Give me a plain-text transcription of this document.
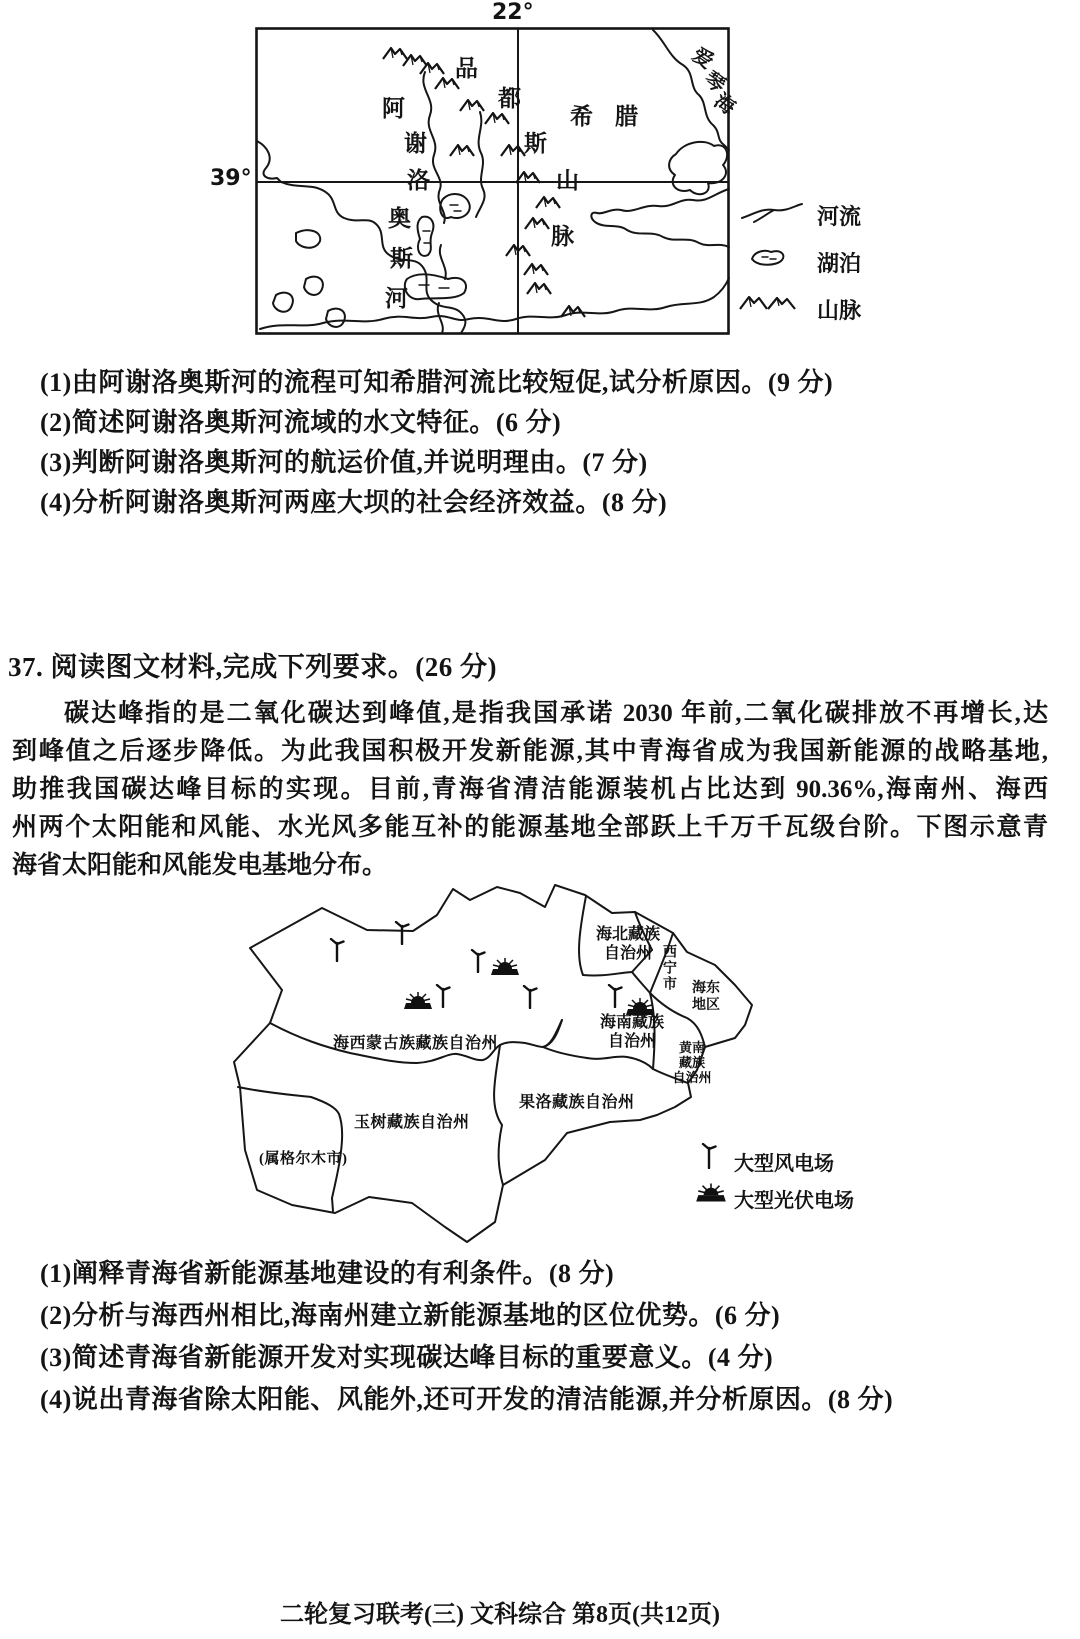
22°
39°
阿
谢
洛
奥
斯
河
品
都
斯
山
脉
希腊
爱
琴
海
河流
湖泊
山脉
(1)由阿谢洛奥斯河的流程可知希腊河流比较短促,试分析原因。(9 分)
(2)简述阿谢洛奥斯河流域的水文特征。(6 分)
(3)判断阿谢洛奥斯河的航运价值,并说明理由。(7 分)
(4)分析阿谢洛奥斯河两座大坝的社会经济效益。(8 分)
37. 阅读图文材料,完成下列要求。(26 分)
碳达峰指的是二氧化碳达到峰值,是指我国承诺 2030 年前,二氧化碳排放不再增长,达
到峰值之后逐步降低。为此我国积极开发新能源,其中青海省成为我国新能源的战略基地,
助推我国碳达峰目标的实现。目前,青海省清洁能源装机占比达到 90.36%,海南州、海西
州两个太阳能和风能、水光风多能互补的能源基地全部跃上千万千瓦级台阶。下图示意青
海省太阳能和风能发电基地分布。
海西蒙古族藏族自治州
海北藏族自治州 西宁市 海东地区
海南藏族自治州	黄南
藏族
自治州
果洛藏族自治州
玉树藏族自治州
(属格尔木市)	大型风电场
大型光伏电场
(1)阐释青海省新能源基地建设的有利条件。(8 分)
(2)分析与海西州相比,海南州建立新能源基地的区位优势。(6 分)
(3)简述青海省新能源开发对实现碳达峰目标的重要意义。(4 分)
(4)说出青海省除太阳能、风能外,还可开发的清洁能源,并分析原因。(8 分)
二轮复习联考(三) 文科综合 第8页(共12页)
